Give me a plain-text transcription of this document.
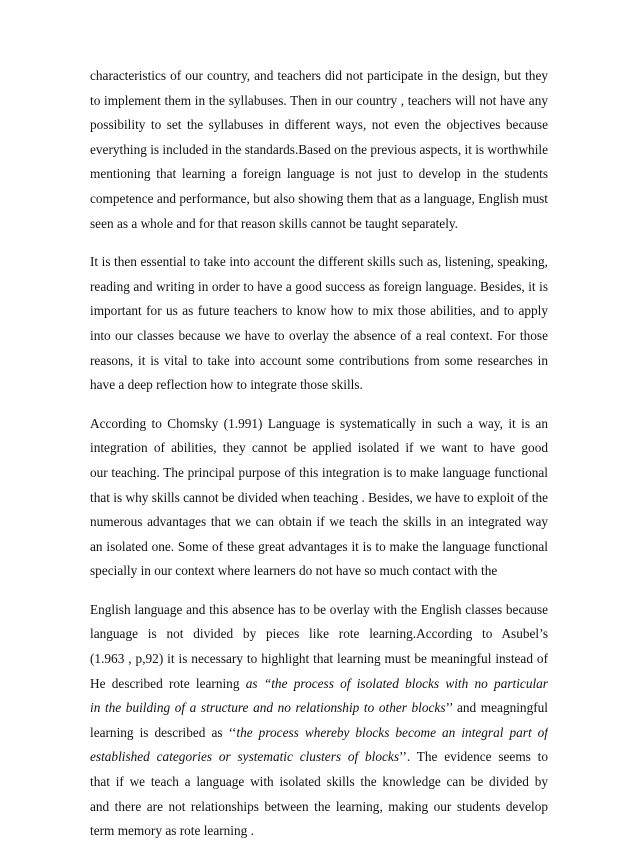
characteristics of our country, and teachers did not participate in the design, but they
to implement them in the syllabuses. Then in our country , teachers will not have any
possibility to set the syllabuses in different ways, not even the objectives because
everything is included in the standards.Based on the previous aspects, it is worthwhile
mentioning that learning a foreign language is not just to develop in the students
competence and performance, but also showing them that as a language, English must
seen as a whole and for that reason skills cannot be taught separately.
It is then essential to take into account the different skills such as, listening, speaking,
reading and writing in order to have a good success as foreign language. Besides, it is
important for us as future teachers to know how to mix those abilities, and to apply
into our classes because we have to overlay the absence of a real context. For those
reasons, it is vital to take into account some contributions from some researches in
have a deep reflection how to integrate those skills.
According to Chomsky (1.991) Language is systematically in such a way, it is an
integration of abilities, they cannot be applied isolated if we want to have good
our teaching. The principal purpose of this integration is to make language functional
that is why skills cannot be divided when teaching . Besides, we have to exploit of the
numerous advantages that we can obtain if we teach the skills in an integrated way
an isolated one. Some of these great advantages it is to make the language functional
specially in our context where learners do not have so much contact with the
English language and this absence has to be overlay with the English classes because
language is not divided by pieces like rote learning.According to Asubel’s
(1.963 , p,92) it is necessary to highlight that learning must be meaningful instead of
He described rote learning as “the process of isolated blocks with no particular
in the building of a structure and no relationship to other blocks’’ and meagningful
learning is described as ‘‘the process whereby blocks become an integral part of
established categories or systematic clusters of blocks’’. The evidence seems to
that if we teach a language with isolated skills the knowledge can be divided by
and there are not relationships between the learning, making our students develop
term memory as rote learning .
